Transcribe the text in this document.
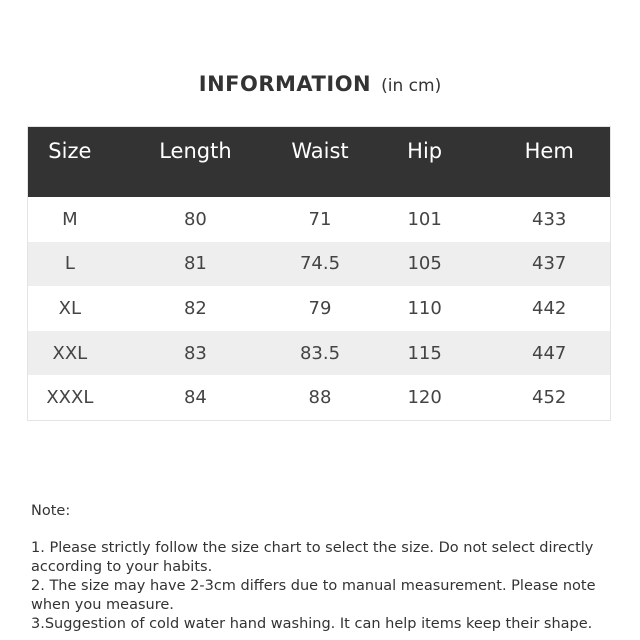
INFORMATION (in cm)
Size	Length	Waist	Hip	Hem
M	80	71	101	433
L	81	74.5	105	437
XL	82	79	110	442
XXL	83	83.5	115	447
XXXL	84	88	120	452
Note:
1. Please strictly follow the size chart to select the size. Do not select directly according to your habits.
2. The size may have 2-3cm differs due to manual measurement. Please note when you measure.
3.Suggestion of cold water hand washing. It can help items keep their shape.
